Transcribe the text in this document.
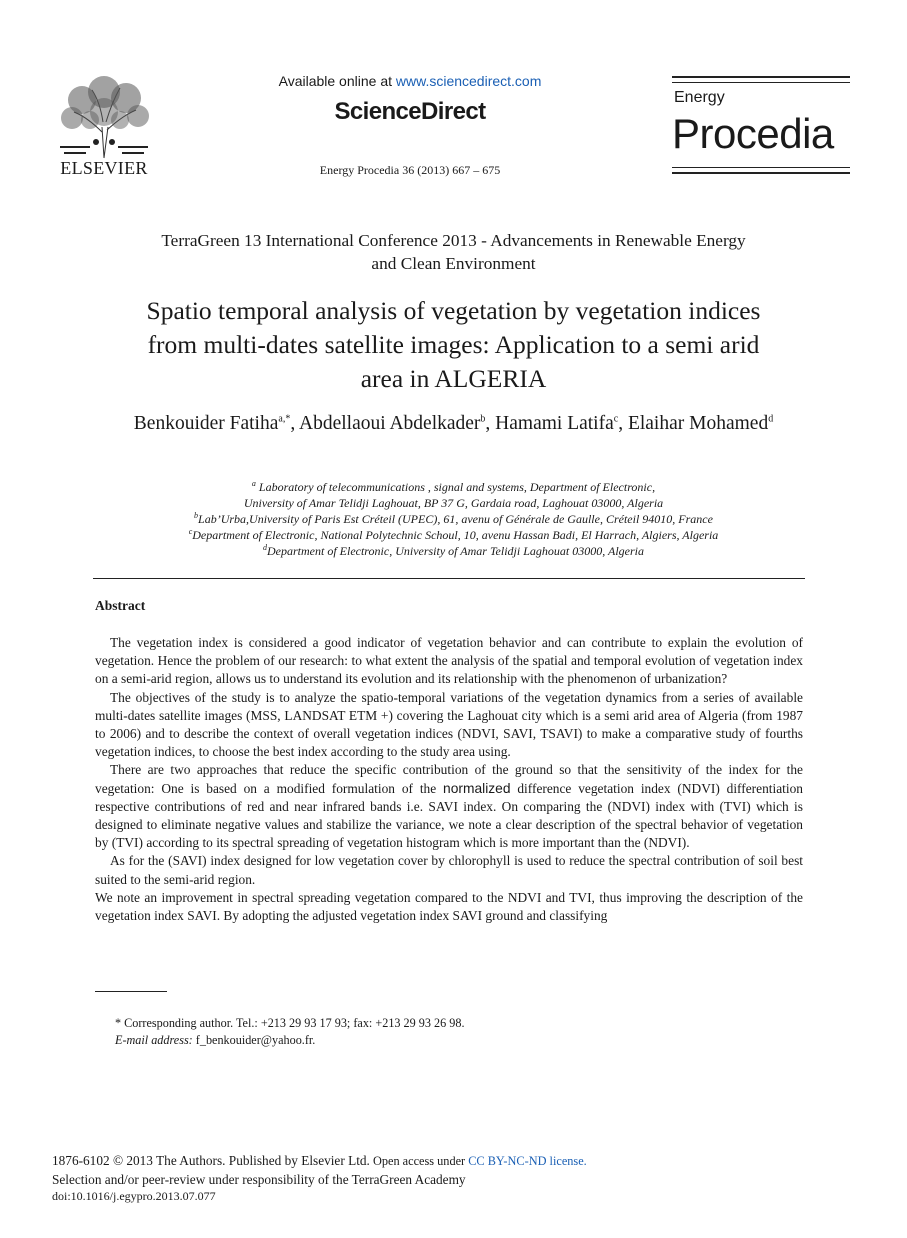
ELSEVIER
Available online at www.sciencedirect.com
ScienceDirect
Energy Procedia 36 (2013) 667 – 675
Energy
Procedia
TerraGreen 13 International Conference 2013 - Advancements in Renewable Energy
and Clean Environment
Spatio temporal analysis of vegetation by vegetation indices
from multi-dates satellite images: Application to a semi arid
area in ALGERIA
Benkouider Fatiha$^{a,*}$, Abdellaoui Abdelkader$^b$, Hamami Latifa$^c$, Elaihar Mohamed$^d$
$^a$ Laboratory of telecommunications , signal and systems, Department of Electronic,
University of Amar Telidji Laghouat, BP 37 G, Gardaia road, Laghouat 03000, Algeria
$^b$Lab’Urba,University of Paris Est Créteil (UPEC), 61, avenu of Générale de Gaulle, Créteil 94010, France
$^c$Department of Electronic, National Polytechnic Schoul, 10, avenu Hassan Badi, El Harrach, Algiers, Algeria
$^d$Department of Electronic, University of Amar Telidji Laghouat 03000, Algeria
Abstract
The vegetation index is considered a good indicator of vegetation behavior and can contribute to explain the evolution of vegetation. Hence the problem of our research: to what extent the analysis of the spatial and temporal evolution of vegetation index on a semi-arid region, allows us to understand its evolution and its relationship with the phenomenon of urbanization?
The objectives of the study is to analyze the spatio-temporal variations of the vegetation dynamics from a series of available multi-dates satellite images (MSS, LANDSAT ETM +) covering the Laghouat city which is a semi arid area of Algeria (from 1987 to 2006) and to describe the context of overall vegetation indices (NDVI, SAVI, TSAVI) to make a comparative study of fourths vegetation indices, to choose the best index according to the study area using.
There are two approaches that reduce the specific contribution of the ground so that the sensitivity of the index for the vegetation: One is based on a modified formulation of the normalized difference vegetation index (NDVI) differentiation respective contributions of red and near infrared bands i.e. SAVI index. On comparing the (NDVI) index with (TVI) which is designed to eliminate negative values and stabilize the variance, we note a clear description of the spectral behavior of vegetation by (TVI) according to its spectral spreading of vegetation histogram which is more important than the (NDVI).
As for the (SAVI) index designed for low vegetation cover by chlorophyll is used to reduce the spectral contribution of soil best suited to the semi-arid region.
We note an improvement in spectral spreading vegetation compared to the NDVI and TVI, thus improving the description of the vegetation index SAVI. By adopting the adjusted vegetation index SAVI ground and classifying
* Corresponding author. Tel.: +213 29 93 17 93; fax: +213 29 93 26 98.
E-mail address: f_benkouider@yahoo.fr.
1876-6102 © 2013 The Authors. Published by Elsevier Ltd. Open access under CC BY-NC-ND license.
Selection and/or peer-review under responsibility of the TerraGreen Academy
doi:10.1016/j.egypro.2013.07.077
